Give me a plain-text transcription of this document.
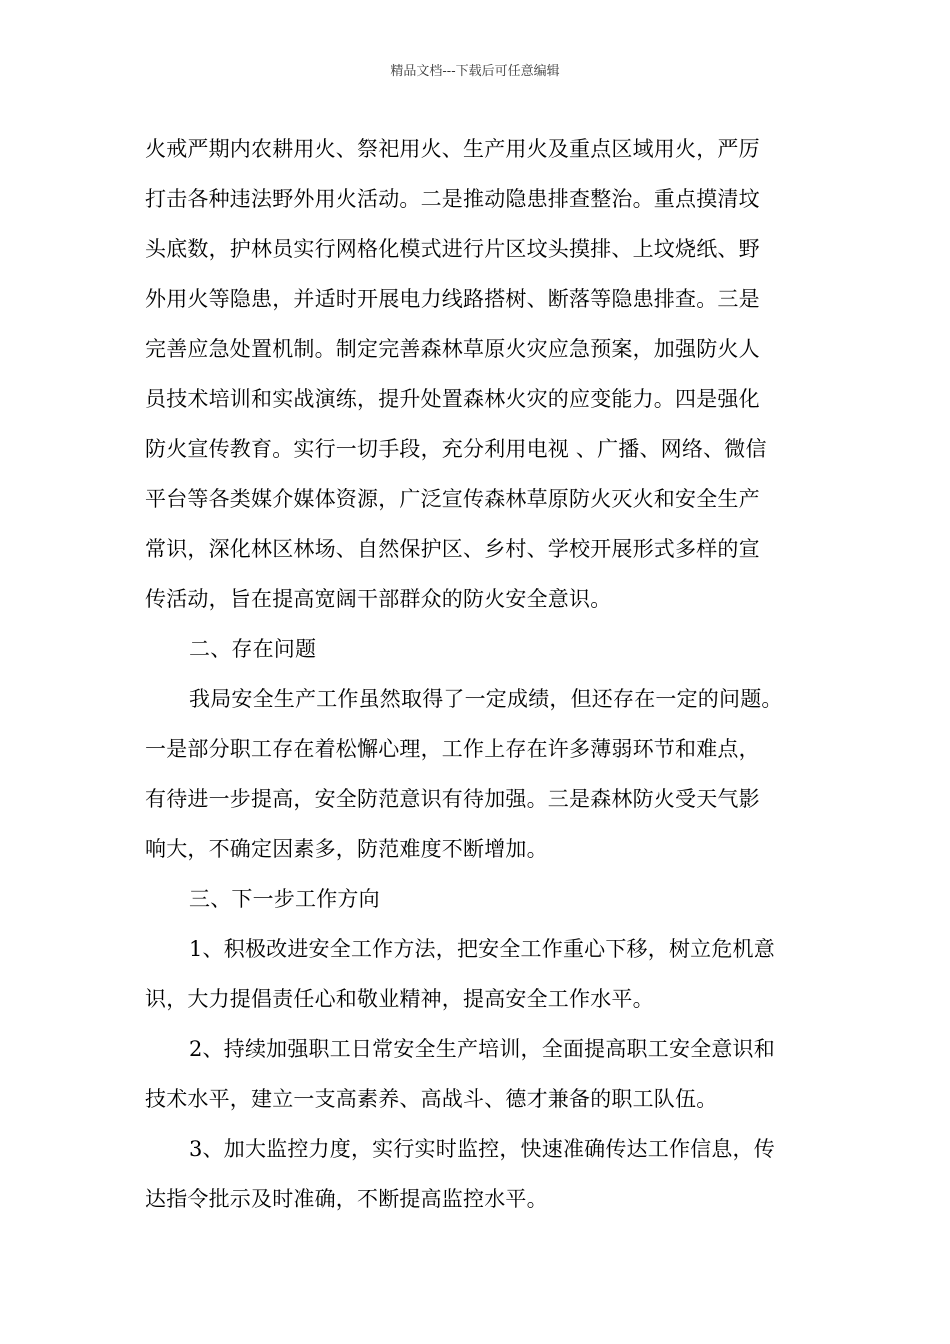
精品文档---下载后可任意编辑
火戒严期内农耕用火、祭祀用火、生产用火及重点区域用火，严厉
打击各种违法野外用火活动。二是推动隐患排查整治。重点摸清坟
头底数，护林员实行网格化模式进行片区坟头摸排、上坟烧纸、野
外用火等隐患，并适时开展电力线路搭树、断落等隐患排查。三是
完善应急处置机制。制定完善森林草原火灾应急预案，加强防火人
员技术培训和实战演练，提升处置森林火灾的应变能力。四是强化
防火宣传教育。实行一切手段，充分利用电视 、广播、网络、微信
平台等各类媒介媒体资源，广泛宣传森林草原防火灭火和安全生产
常识，深化林区林场、自然保护区、乡村、学校开展形式多样的宣
传活动，旨在提高宽阔干部群众的防火安全意识。
二、存在问题
我局安全生产工作虽然取得了一定成绩，但还存在一定的问题。
一是部分职工存在着松懈心理，工作上存在许多薄弱环节和难点，
有待进一步提高，安全防范意识有待加强。三是森林防火受天气影
响大，不确定因素多，防范难度不断增加。
三、下一步工作方向
1、积极改进安全工作方法，把安全工作重心下移，树立危机意
识，大力提倡责任心和敬业精神，提高安全工作水平。
2、持续加强职工日常安全生产培训，全面提高职工安全意识和
技术水平，建立一支高素养、高战斗、德才兼备的职工队伍。
3、加大监控力度，实行实时监控，快速准确传达工作信息，传
达指令批示及时准确，不断提高监控水平。
